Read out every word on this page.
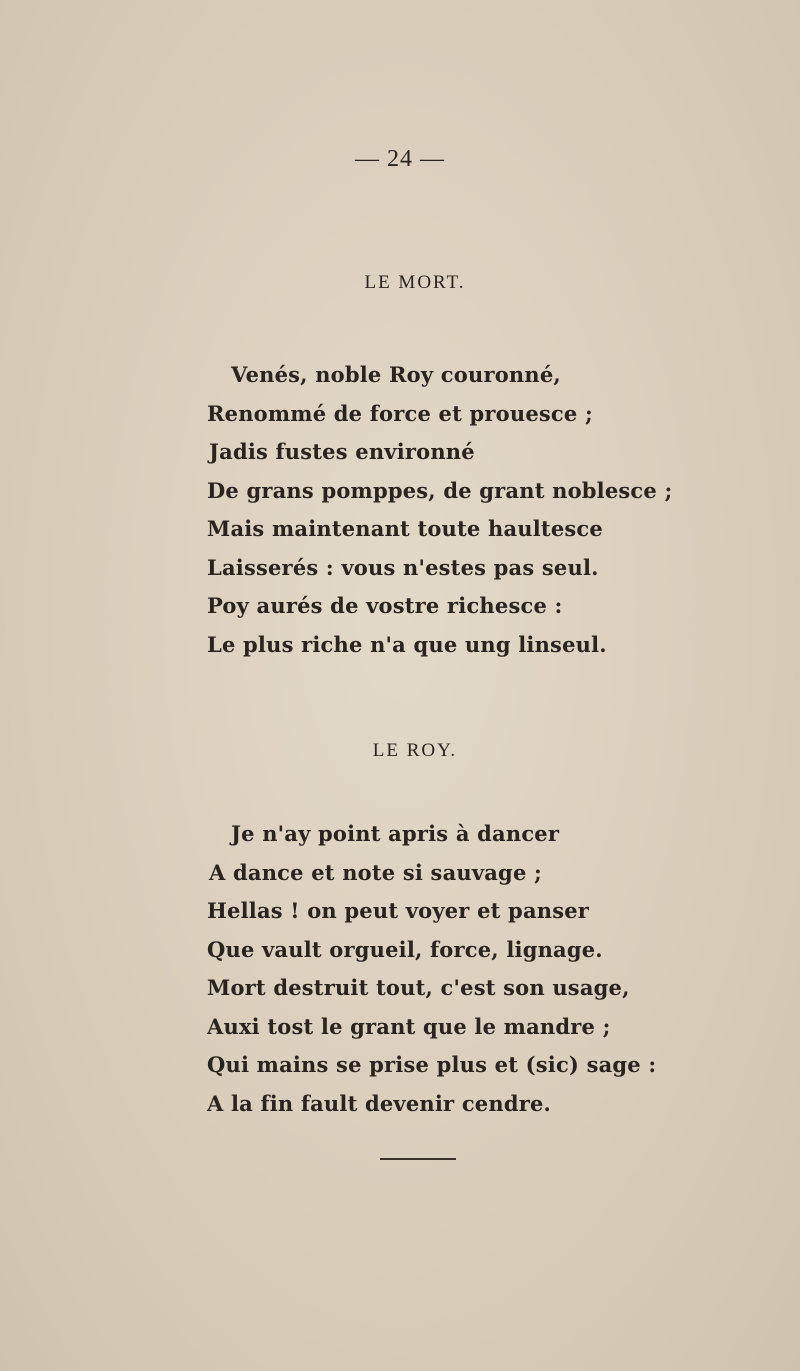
— 24 —
LE MORT.
Venés, noble Roy couronné,
Renommé de force et prouesce ;
Jadis fustes environné
De grans pomppes, de grant noblesce ;
Mais maintenant toute haultesce
Laisserés : vous n'estes pas seul.
Poy aurés de vostre richesce :
Le plus riche n'a que ung linseul.
LE ROY.
Je n'ay point apris à dancer
A dance et note si sauvage ;
Hellas ! on peut voyer et panser
Que vault orgueil, force, lignage.
Mort destruit tout, c'est son usage,
Auxi tost le grant que le mandre ;
Qui mains se prise plus et (sic) sage :
A la fin fault devenir cendre.
